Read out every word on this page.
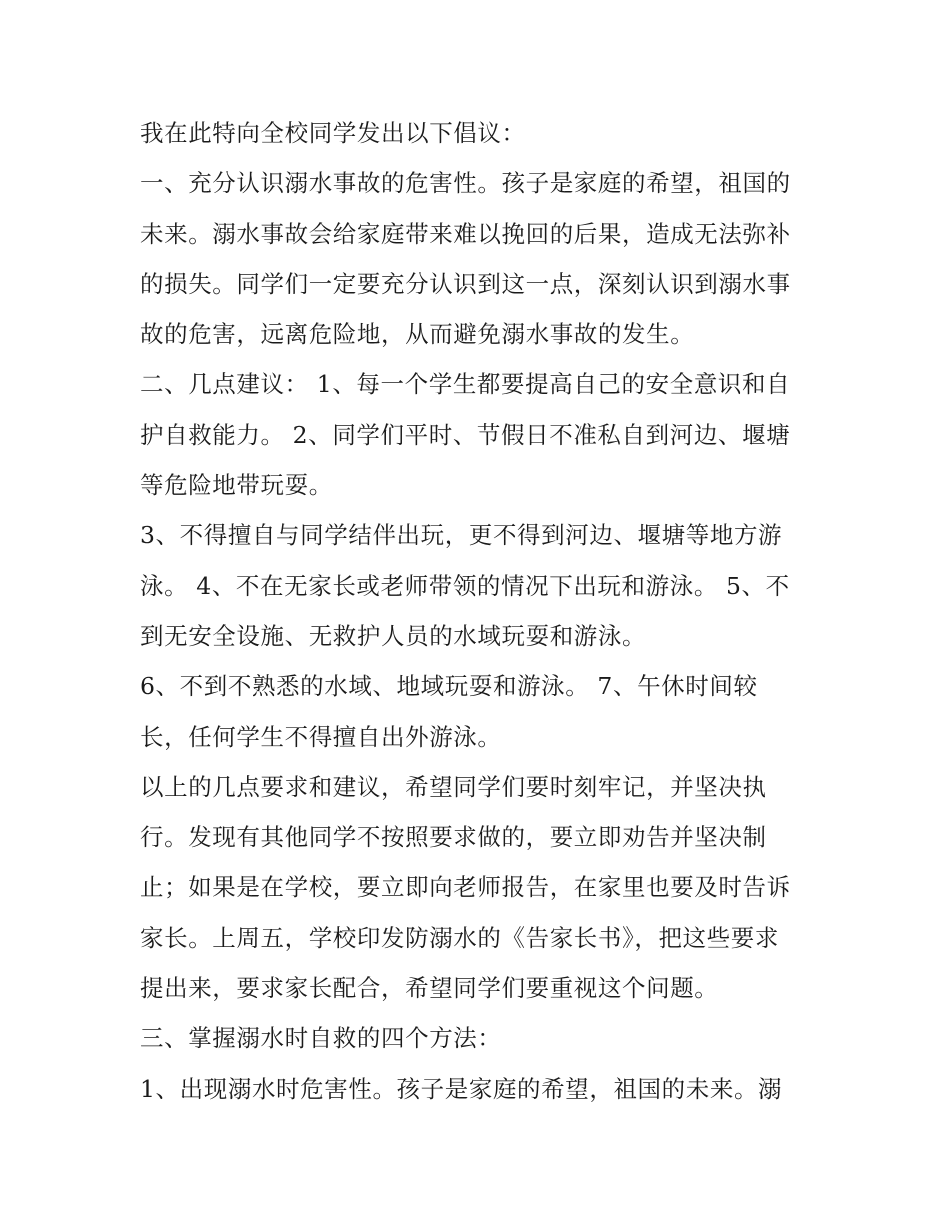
我在此特向全校同学发出以下倡议：
一、充分认识溺水事故的危害性。孩子是家庭的希望，祖国的
未来。溺水事故会给家庭带来难以挽回的后果，造成无法弥补
的损失。同学们一定要充分认识到这一点，深刻认识到溺水事
故的危害，远离危险地，从而避免溺水事故的发生。
二、几点建议： 1、每一个学生都要提高自己的安全意识和自
护自救能力。 2、同学们平时、节假日不准私自到河边、堰塘
等危险地带玩耍。
3、不得擅自与同学结伴出玩，更不得到河边、堰塘等地方游
泳。 4、不在无家长或老师带领的情况下出玩和游泳。 5、不
到无安全设施、无救护人员的水域玩耍和游泳。
6、不到不熟悉的水域、地域玩耍和游泳。 7、午休时间较
长，任何学生不得擅自出外游泳。
以上的几点要求和建议，希望同学们要时刻牢记，并坚决执
行。发现有其他同学不按照要求做的，要立即劝告并坚决制
止；如果是在学校，要立即向老师报告，在家里也要及时告诉
家长。上周五，学校印发防溺水的《告家长书》，把这些要求
提出来，要求家长配合，希望同学们要重视这个问题。
三、掌握溺水时自救的四个方法：
1、出现溺水时危害性。孩子是家庭的希望，祖国的未来。溺
